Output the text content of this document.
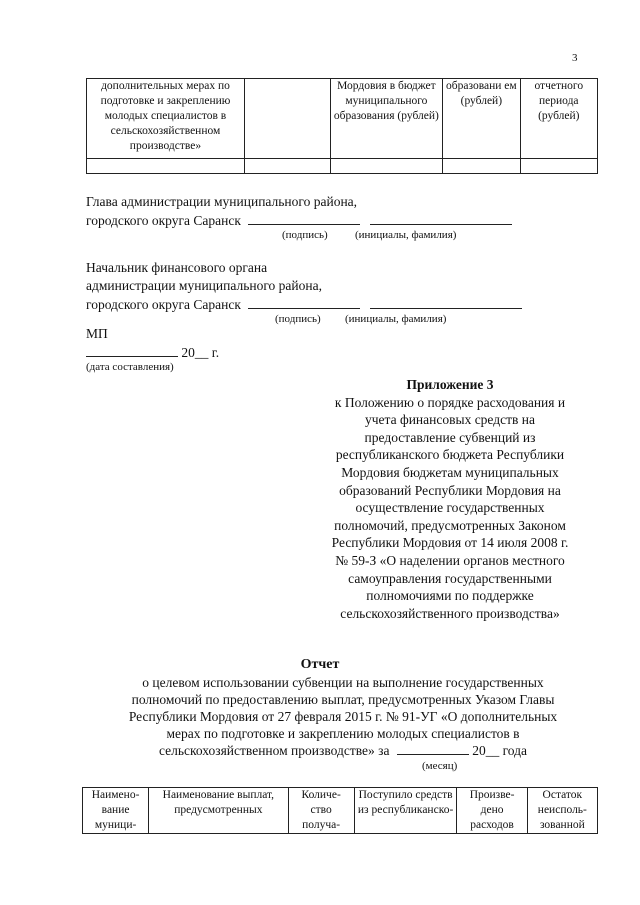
3
дополнительных мерах по подготовке и закреплению молодых специалистов в сельскохозяйственном производстве»		Мордовия в бюджет муниципального образования (рублей)	образовани ем (рублей)	отчетного периода (рублей)

Глава администрации муниципального района,
городского округа Саранск
(подпись) (инициалы, фамилия)
Начальник финансового органа
администрации муниципального района,
городского округа Саранск
(подпись) (инициалы, фамилия)
МП
20__ г.
(дата составления)
Приложение 3
к Положению о порядке расходования и
учета финансовых средств на
предоставление субвенций из
республиканского бюджета Республики
Мордовия бюджетам муниципальных
образований Республики Мордовия на
осуществление государственных
полномочий, предусмотренных Законом
Республики Мордовия от 14 июля 2008 г.
№ 59-З «О наделении органов местного
самоуправления государственными
полномочиями по поддержке
сельскохозяйственного производства»
Отчет
о целевом использовании субвенции на выполнение государственных
полномочий по предоставлению выплат, предусмотренных Указом Главы
Республики Мордовия от 27 февраля 2015 г. № 91-УГ «О дополнительных
мерах по подготовке и закреплению молодых специалистов в
сельскохозяйственном производстве» за	20__ года
(месяц)
Наимено- вание муници-	Наименование выплат, предусмотренных	Количе- ство получа-	Поступило средств из республиканско-	Произве- дено расходов	Остаток неисполь- зованной
